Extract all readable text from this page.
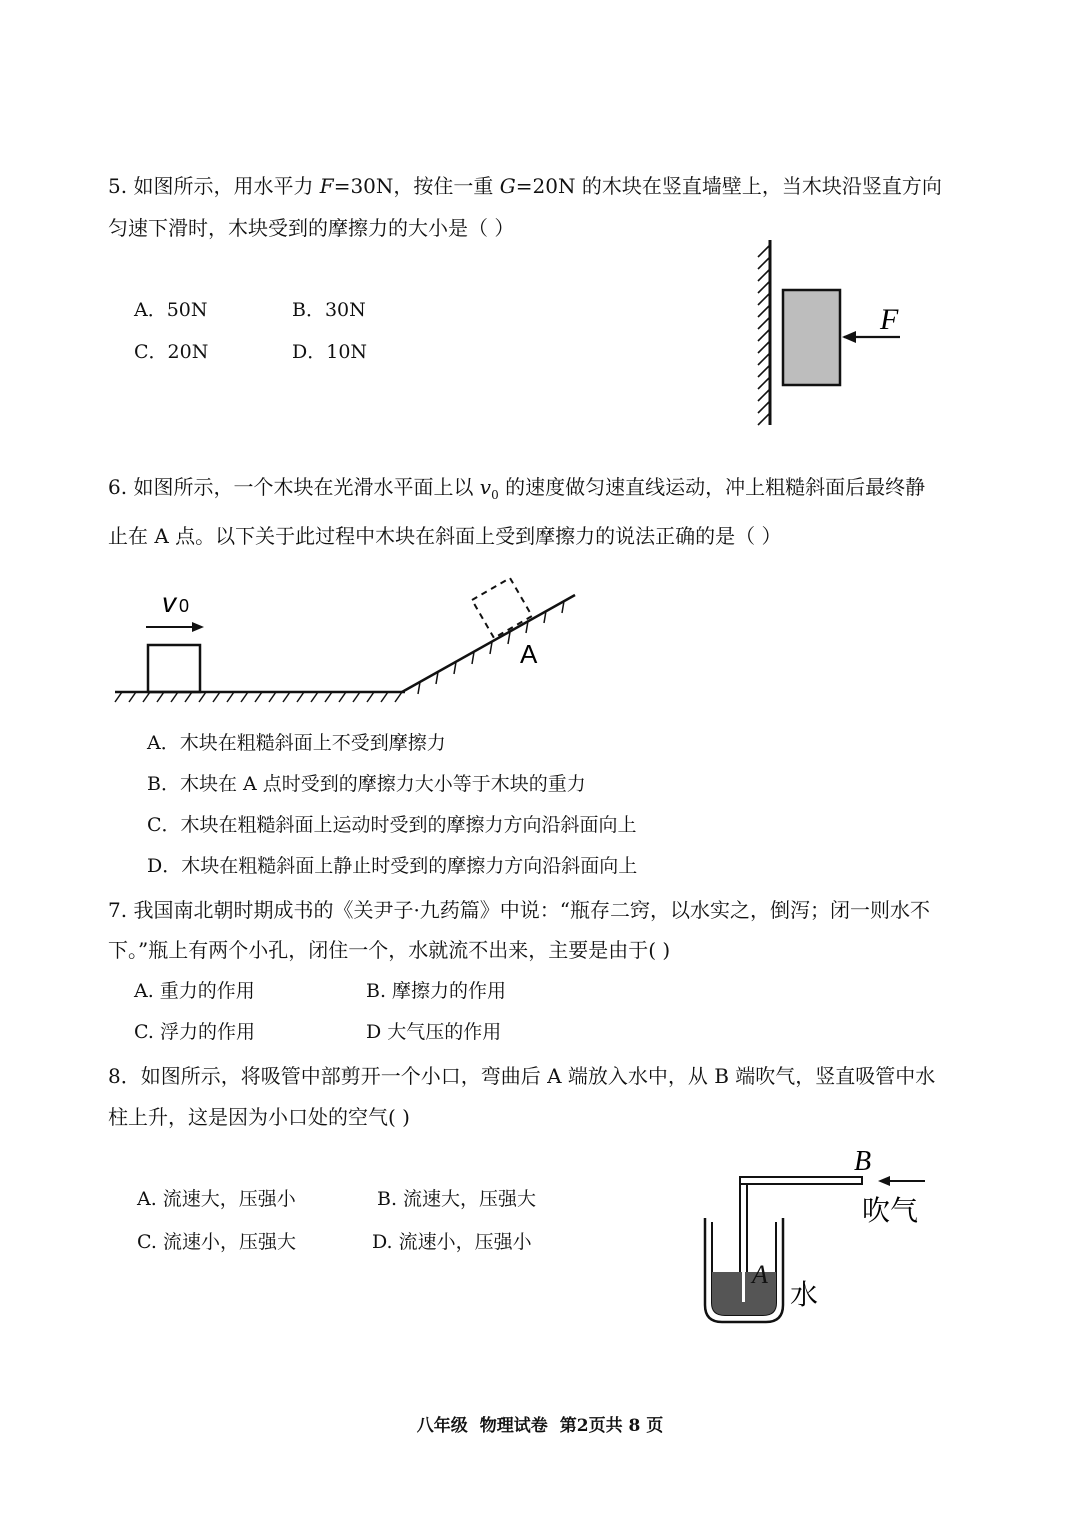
5. 如图所示，用水平力 F=30N，按住一重 G=20N 的木块在竖直墙壁上，当木块沿竖直方向
匀速下滑时，木块受到的摩擦力的大小是（ ）
A．50N	B．30N
C．20N	D．10N
F
6. 如图所示，一个木块在光滑水平面上以 $v_0$ 的速度做匀速直线运动，冲上粗糙斜面后最终静
止在 A 点。以下关于此过程中木块在斜面上受到摩擦力的说法正确的是（ ）
v 0
A
A．木块在粗糙斜面上不受到摩擦力
B．木块在 A 点时受到的摩擦力大小等于木块的重力
C．木块在粗糙斜面上运动时受到的摩擦力方向沿斜面向上
D．木块在粗糙斜面上静止时受到的摩擦力方向沿斜面向上
7. 我国南北朝时期成书的《关尹子·九药篇》中说：“瓶存二窍，以水实之，倒泻；闭一则水不
下。”瓶上有两个小孔，闭住一个，水就流不出来，主要是由于( )
A. 重力的作用	B. 摩擦力的作用
C. 浮力的作用	D 大气压的作用
8．如图所示，将吸管中部剪开一个小口，弯曲后 A 端放入水中，从 B 端吹气，竖直吸管中水
柱上升，这是因为小口处的空气( )
A. 流速大，压强小	B. 流速大，压强大
C. 流速小，压强大	D. 流速小，压强小
B
吹气
A
水
八年级 物理试卷 第2页共 8 页
